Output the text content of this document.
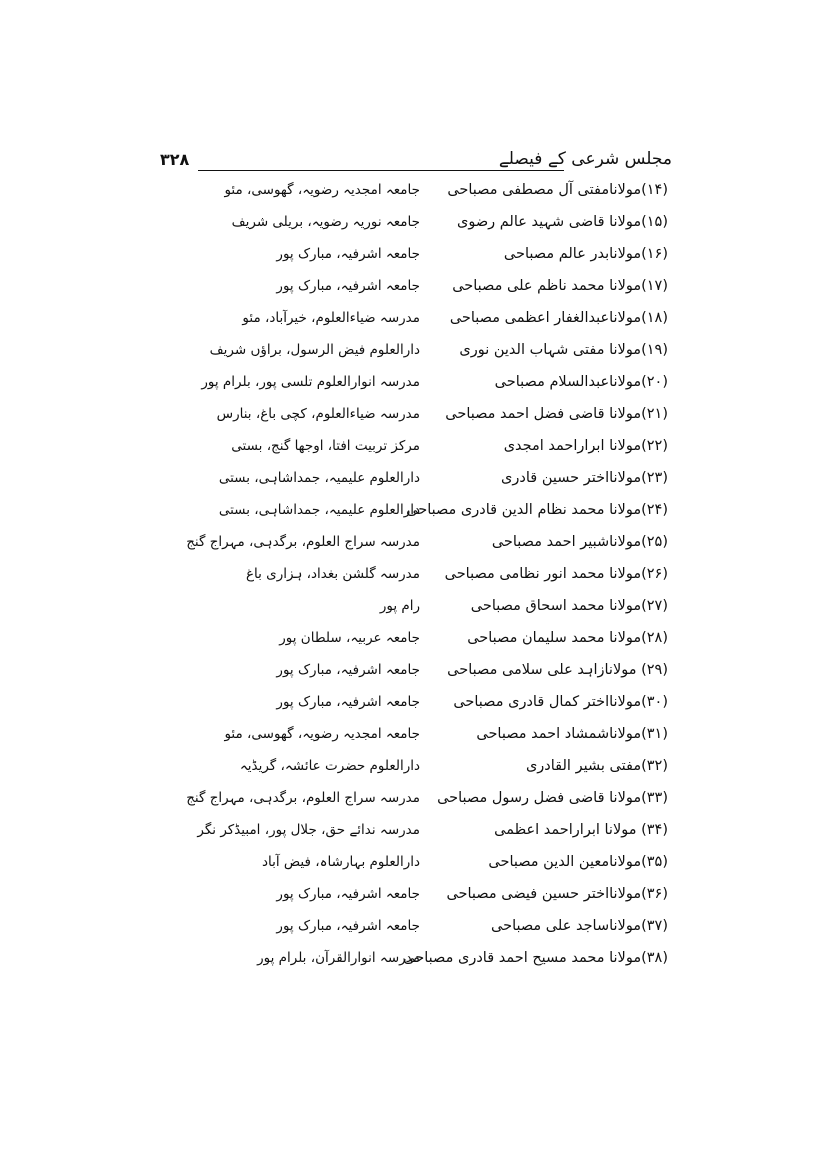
مجلس شرعی کے فیصلے
۳۲۸
(۱۴)مولانامفتی آل مصطفی مصباحی
جامعہ امجدیہ رضویہ، گھوسی، مئو
(۱۵)مولانا قاضی شہید عالم رضوی
جامعہ نوریہ رضویہ، بریلی شریف
(۱۶)مولانابدر عالم مصباحی
جامعہ اشرفیہ، مبارک پور
(۱۷)مولانا محمد ناظم علی مصباحی
جامعہ اشرفیہ، مبارک پور
(۱۸)مولاناعبدالغفار اعظمی مصباحی
مدرسہ ضیاءالعلوم، خیرآباد، مئو
(۱۹)مولانا مفتی شہاب الدین نوری
دارالعلوم فیض الرسول، براؤں شریف
(۲۰)مولاناعبدالسلام مصباحی
مدرسہ انوارالعلوم تلسی پور، بلرام پور
(۲۱)مولانا قاضی فضل احمد مصباحی
مدرسہ ضیاءالعلوم، کچی باغ، بنارس
(۲۲)مولانا ابراراحمد امجدی
مرکز تربیت افتا، اوجھا گنج، بستی
(۲۳)مولانااختر حسین قادری
دارالعلوم علیمیہ، جمداشاہی، بستی
(۲۴)مولانا محمد نظام الدین قادری مصباحی
دارالعلوم علیمیہ، جمداشاہی، بستی
(۲۵)مولاناشبیر احمد مصباحی
مدرسہ سراج العلوم، برگدہی، مہراج گنج
(۲۶)مولانا محمد انور نظامی مصباحی
مدرسہ گلشن بغداد، ہزاری باغ
(۲۷)مولانا محمد اسحاق مصباحی
رام پور
(۲۸)مولانا محمد سلیمان مصباحی
جامعہ عربیہ، سلطان پور
(۲۹) مولانازاہد علی سلامی مصباحی
جامعہ اشرفیہ، مبارک پور
(۳۰)مولانااختر کمال قادری مصباحی
جامعہ اشرفیہ، مبارک پور
(۳۱)مولاناشمشاد احمد مصباحی
جامعہ امجدیہ رضویہ، گھوسی، مئو
(۳۲)مفتی بشیر القادری
دارالعلوم حضرت عائشہ، گریڈیہ
(۳۳)مولانا قاضی فضل رسول مصباحی
مدرسہ سراج العلوم، برگدہی، مہراج گنج
(۳۴) مولانا ابراراحمد اعظمی
مدرسہ ندائے حق، جلال پور، امبیڈکر نگر
(۳۵)مولانامعین الدین مصباحی
دارالعلوم بہارشاہ، فیض آباد
(۳۶)مولانااختر حسین فیضی مصباحی
جامعہ اشرفیہ، مبارک پور
(۳۷)مولاناساجد علی مصباحی
جامعہ اشرفیہ، مبارک پور
(۳۸)مولانا محمد مسیح احمد قادری مصباحی
مدرسہ انوارالقرآن، بلرام پور
